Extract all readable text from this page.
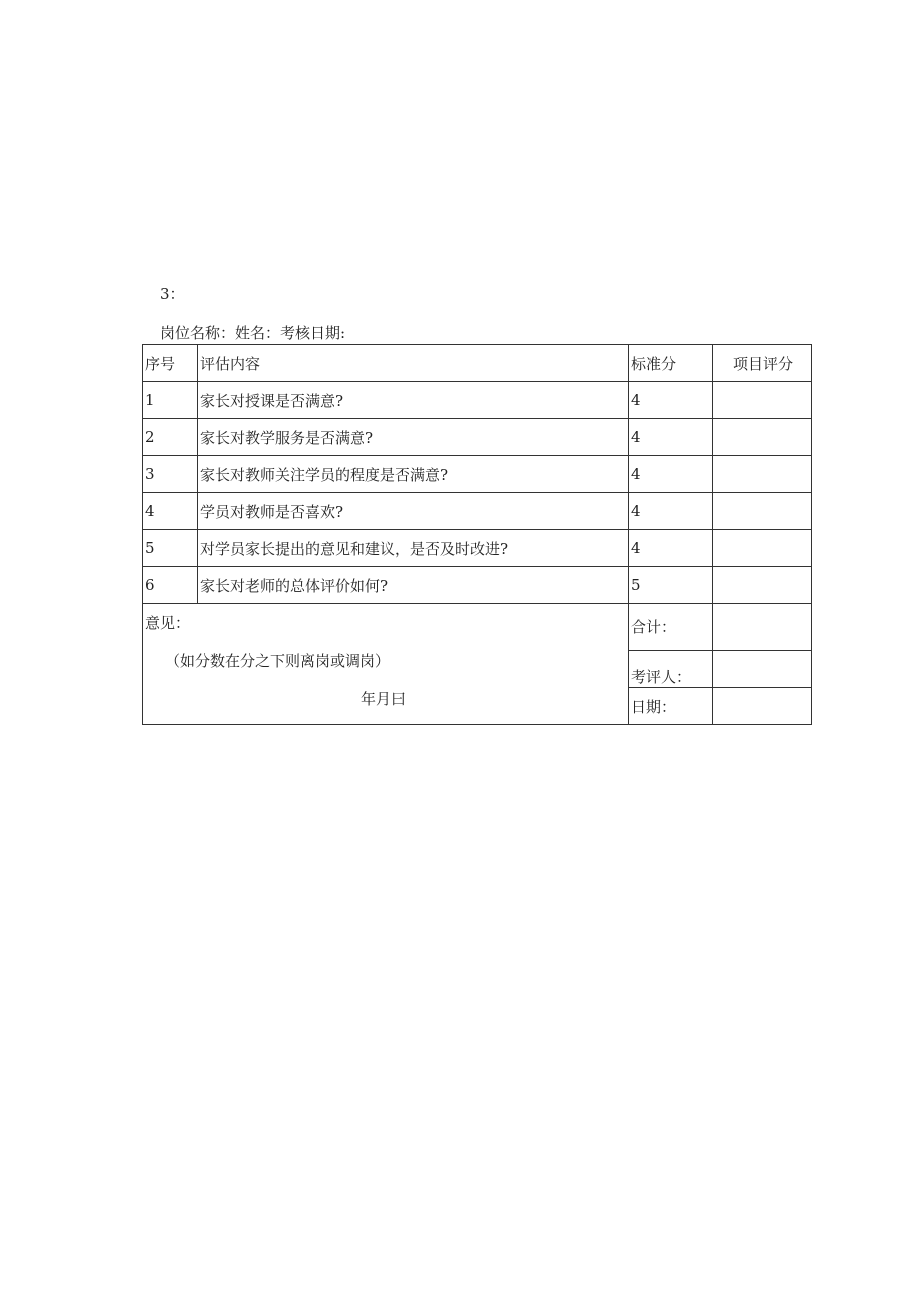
3：
岗位名称：姓名：考核日期:
序号	评估内容	标准分	项目评分
1	家长对授课是否满意?	4	
2	家长对教学服务是否满意?	4	
3	家长对教师关注学员的程度是否满意?	4	
4	学员对教师是否喜欢?	4	
5	对学员家长提出的意见和建议，是否及时改进?	4	
6	家长对老师的总体评价如何?	5	

意见：
（如分数在分之下则离岗或调岗）
年月曰		合计：	
		考评人：	
		日期：	
